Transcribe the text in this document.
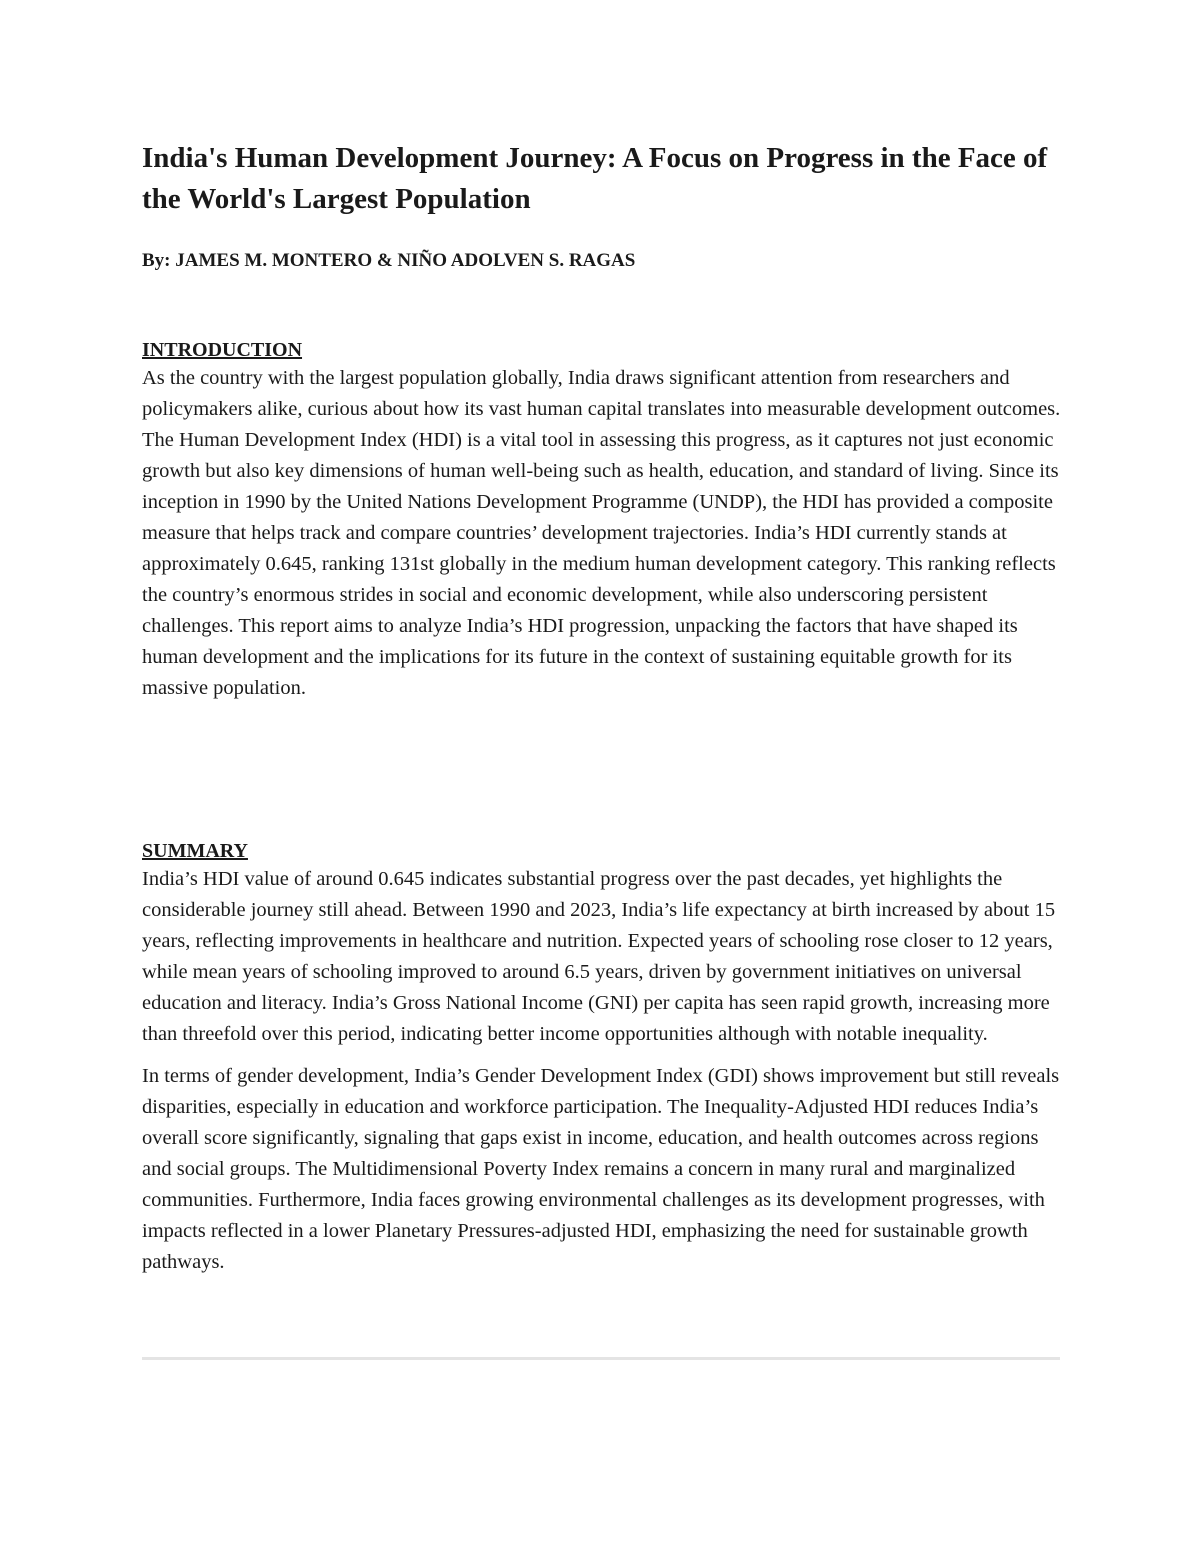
India's Human Development Journey: A Focus on Progress in the Face of the World's Largest Population
By: JAMES M. MONTERO & NIÑO ADOLVEN S. RAGAS
INTRODUCTION

As the country with the largest population globally, India draws significant attention from researchers and policymakers alike, curious about how its vast human capital translates into measurable development outcomes. The Human Development Index (HDI) is a vital tool in assessing this progress, as it captures not just economic growth but also key dimensions of human well-being such as health, education, and standard of living. Since its inception in 1990 by the United Nations Development Programme (UNDP), the HDI has provided a composite measure that helps track and compare countries’ development trajectories. India’s HDI currently stands at approximately 0.645, ranking 131st globally in the medium human development category. This ranking reflects the country’s enormous strides in social and economic development, while also underscoring persistent challenges. This report aims to analyze India’s HDI progression, unpacking the factors that have shaped its human development and the implications for its future in the context of sustaining equitable growth for its massive population.

SUMMARY

India’s HDI value of around 0.645 indicates substantial progress over the past decades, yet highlights the considerable journey still ahead. Between 1990 and 2023, India’s life expectancy at birth increased by about 15 years, reflecting improvements in healthcare and nutrition. Expected years of schooling rose closer to 12 years, while mean years of schooling improved to around 6.5 years, driven by government initiatives on universal education and literacy. India’s Gross National Income (GNI) per capita has seen rapid growth, increasing more than threefold over this period, indicating better income opportunities although with notable inequality.

In terms of gender development, India’s Gender Development Index (GDI) shows improvement but still reveals disparities, especially in education and workforce participation. The Inequality-Adjusted HDI reduces India’s overall score significantly, signaling that gaps exist in income, education, and health outcomes across regions and social groups. The Multidimensional Poverty Index remains a concern in many rural and marginalized communities. Furthermore, India faces growing environmental challenges as its development progresses, with impacts reflected in a lower Planetary Pressures-adjusted HDI, emphasizing the need for sustainable growth pathways.
